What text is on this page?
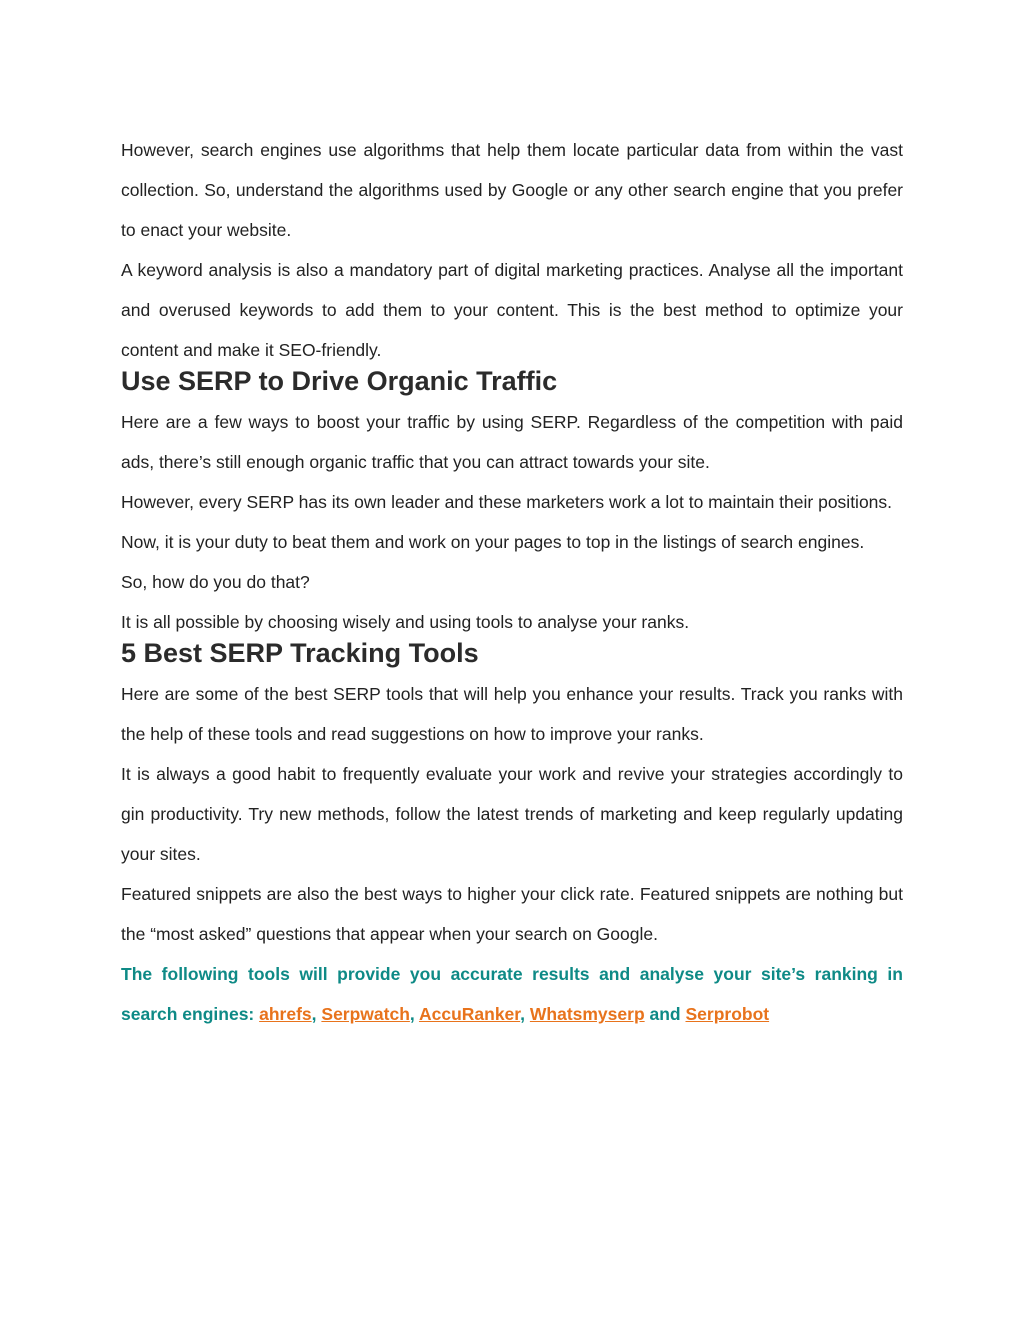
However, search engines use algorithms that help them locate particular data from within the vast collection. So, understand the algorithms used by Google or any other search engine that you prefer to enact your website.

A keyword analysis is also a mandatory part of digital marketing practices. Analyse all the important and overused keywords to add them to your content. This is the best method to optimize your content and make it SEO-friendly.

Use SERP to Drive Organic Traffic

Here are a few ways to boost your traffic by using SERP. Regardless of the competition with paid ads, there’s still enough organic traffic that you can attract towards your site.

However, every SERP has its own leader and these marketers work a lot to maintain their positions.

Now, it is your duty to beat them and work on your pages to top in the listings of search engines.

So, how do you do that?

It is all possible by choosing wisely and using tools to analyse your ranks.

5 Best SERP Tracking Tools

Here are some of the best SERP tools that will help you enhance your results. Track you ranks with the help of these tools and read suggestions on how to improve your ranks.

It is always a good habit to frequently evaluate your work and revive your strategies accordingly to gin productivity. Try new methods, follow the latest trends of marketing and keep regularly updating your sites.

Featured snippets are also the best ways to higher your click rate. Featured snippets are nothing but the “most asked” questions that appear when your search on Google.

The following tools will provide you accurate results and analyse your site’s ranking in search engines: ahrefs, Serpwatch, AccuRanker, Whatsmyserp and Serprobot
